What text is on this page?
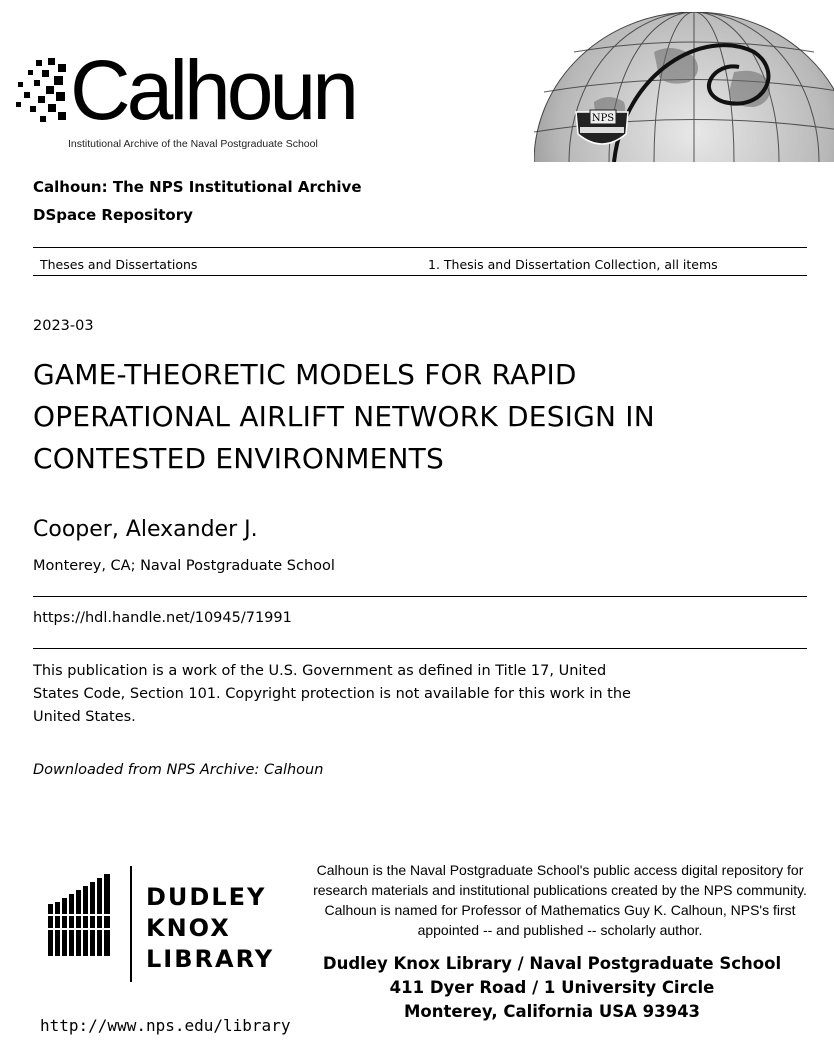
Calhoun
Institutional Archive of the Naval Postgraduate School
NPS
Calhoun: The NPS Institutional Archive
DSpace Repository
Theses and Dissertations	1. Thesis and Dissertation Collection, all items
2023-03
GAME-THEORETIC MODELS FOR RAPID
OPERATIONAL AIRLIFT NETWORK DESIGN IN
CONTESTED ENVIRONMENTS
Cooper, Alexander J.
Monterey, CA; Naval Postgraduate School
https://hdl.handle.net/10945/71991
This publication is a work of the U.S. Government as defined in Title 17, United
States Code, Section 101. Copyright protection is not available for this work in the
United States.
Downloaded from NPS Archive: Calhoun
DUDLEY
KNOX
LIBRARY
http://www.nps.edu/library
Calhoun is the Naval Postgraduate School's public access digital repository for
research materials and institutional publications created by the NPS community.
Calhoun is named for Professor of Mathematics Guy K. Calhoun, NPS's first
appointed -- and published -- scholarly author.
Dudley Knox Library / Naval Postgraduate School
411 Dyer Road / 1 University Circle
Monterey, California USA 93943
